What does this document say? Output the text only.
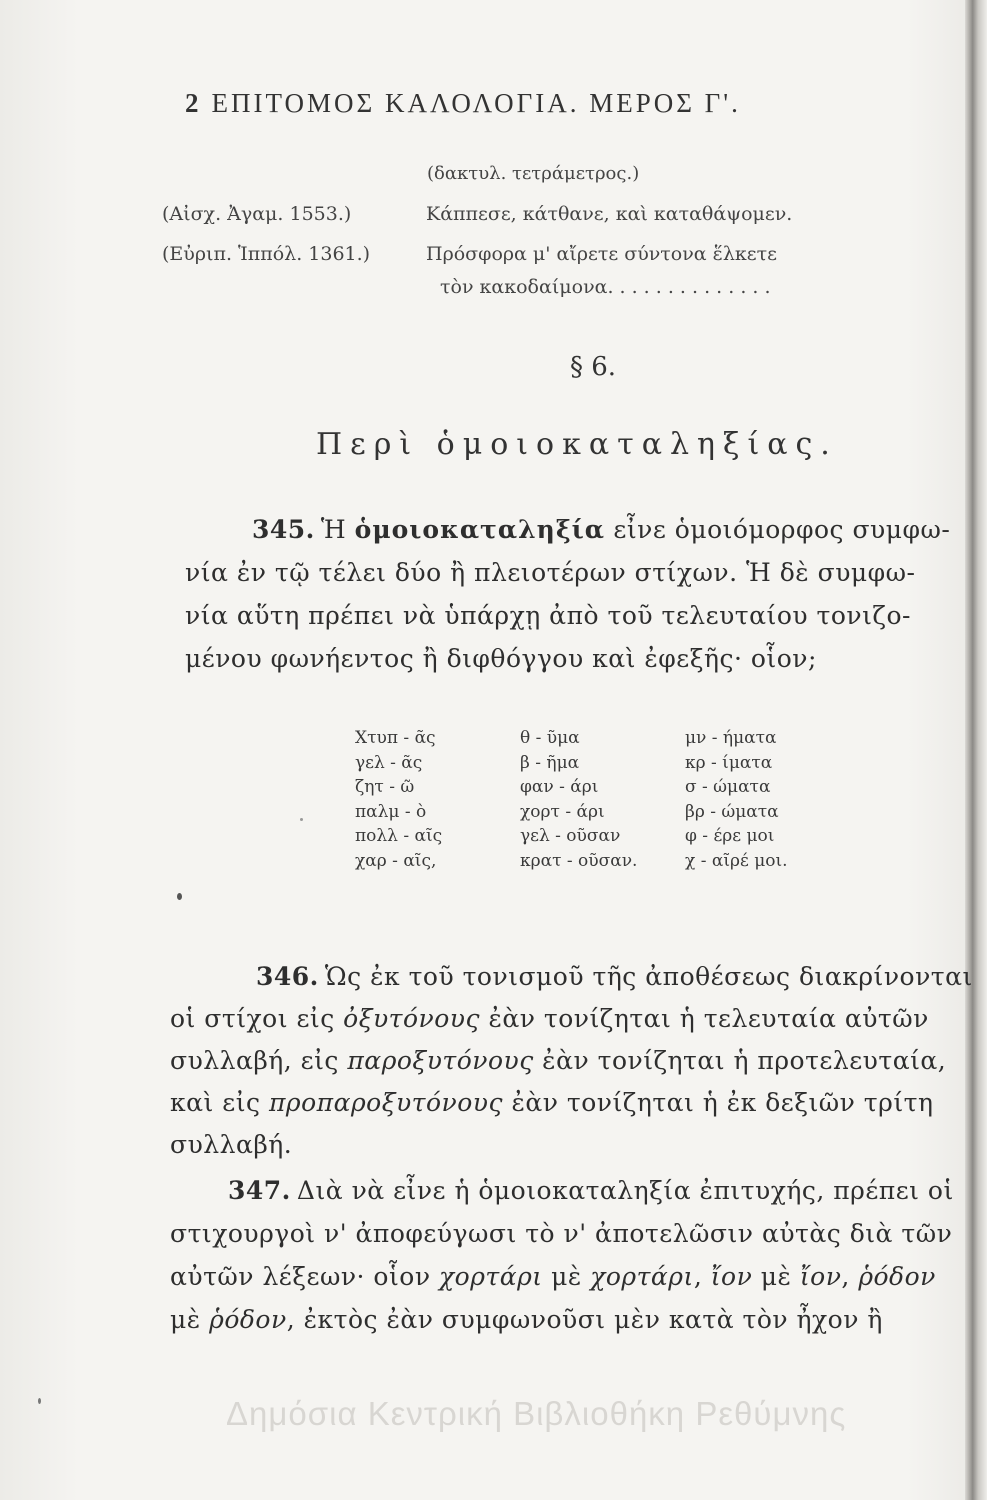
2 ΕΠΙΤΟΜΟΣ ΚΑΛΟΛΟΓΙΑ. ΜΕΡΟΣ Γ'.
(δακτυλ. τετράμετρος.)
(Αἰσχ. Ἀγαμ. 1553.)	Κάππεσε, κάτθανε, καὶ καταθάψομεν.
(Εὐριπ. Ἱππόλ. 1361.)	Πρόσφορα μ' αἴρετε σύντονα ἕλκετε
τὸν κακοδαίμονα. . . . . . . . . . . . . .
§ 6.
Περὶ ὁμοιοκαταληξίας.
345. Ἡ ὁμοιοκαταληξία εἶνε ὁμοιόμορφος συμφω-
νία ἐν τῷ τέλει δύο ἢ πλειοτέρων στίχων. Ἡ δὲ συμφω-
νία αὕτη πρέπει νὰ ὑπάρχῃ ἀπὸ τοῦ τελευταίου τονιζο-
μένου φωνήεντος ἢ διφθόγγου καὶ ἐφεξῆς· οἷον;
Χτυπ - ᾶς	θ - ῦμα	μν - ήματα
γελ - ᾶς	β - ῆμα	κρ - ίματα
ζητ - ῶ	φαν - άρι	σ - ώματα
παλμ - ὸ	χορτ - άρι	βρ - ώματα
πολλ - αῖς	γελ - οῦσαν	φ - έρε μοι
χαρ - αῖς,	κρατ - οῦσαν.	χ - αῖρέ μοι.
346. Ὡς ἐκ τοῦ τονισμοῦ τῆς ἀποθέσεως διακρίνονται
οἱ στίχοι εἰς ὀξυτόνους ἐὰν τονίζηται ἡ τελευταία αὐτῶν
συλλαβή, εἰς παροξυτόνους ἐὰν τονίζηται ἡ προτελευταία,
καὶ εἰς προπαροξυτόνους ἐὰν τονίζηται ἡ ἐκ δεξιῶν τρίτη
συλλαβή.
347. Διὰ νὰ εἶνε ἡ ὁμοιοκαταληξία ἐπιτυχής, πρέπει οἱ
στιχουργοὶ ν' ἀποφεύγωσι τὸ ν' ἀποτελῶσιν αὐτὰς διὰ τῶν
αὐτῶν λέξεων· οἷον χορτάρι μὲ χορτάρι, ἴον μὲ ἴον, ῥόδον
μὲ ῥόδον, ἐκτὸς ἐὰν συμφωνοῦσι μὲν κατὰ τὸν ἦχον ἢ
Δημόσια Κεντρική Βιβλιοθήκη Ρεθύμνης
